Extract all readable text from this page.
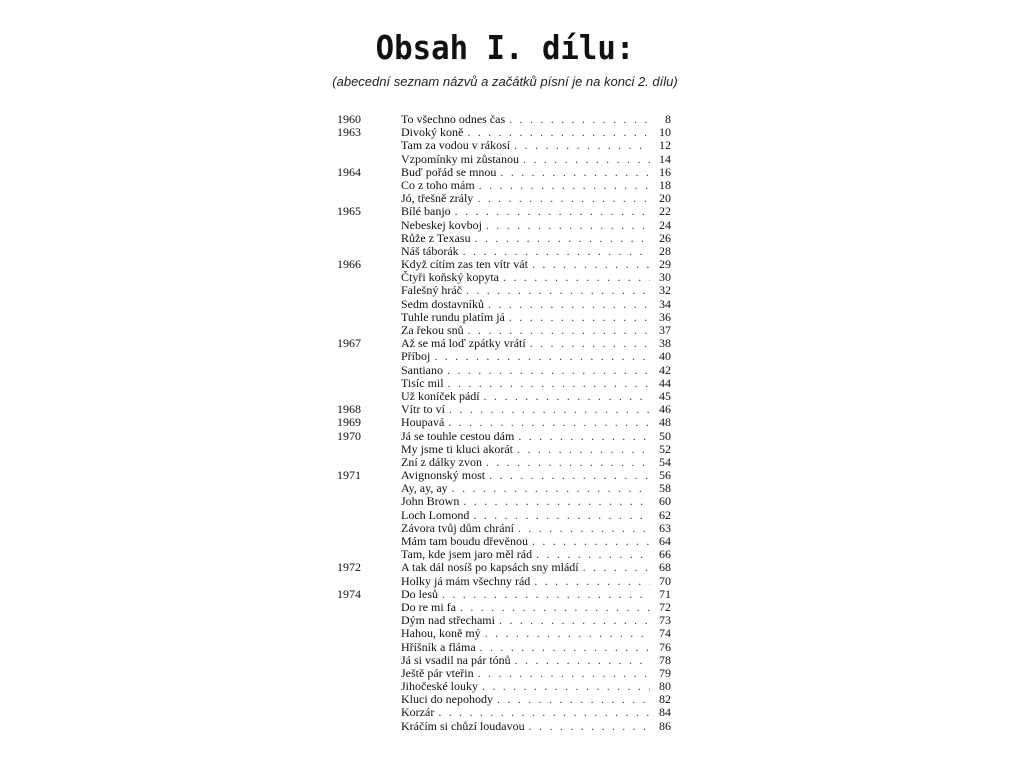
Obsah I. dílu:
(abecední seznam názvů a začátků písní je na konci 2. dílu)
1960	To všechno odnes čas . . .	8
1963	Divoký koně . . .	10
Tam za vodou v rákosí . . .	12
Vzpomínky mi zůstanou . . .	14
1964	Buď pořád se mnou . . .	16
Co z toho mám . . .	18
Jó, třešně zrály . . .	20
1965	Bílé banjo . . .	22
Nebeskej kovboj . . .	24
Růže z Texasu . . .	26
Náš táborák . . .	28
1966	Když cítím zas ten vítr vát . . .	29
Čtyři koňský kopyta . . .	30
Falešný hráč . . .	32
Sedm dostavníků . . .	34
Tuhle rundu platím já . . .	36
Za řekou snů . . .	37
1967	Až se má loď zpátky vrátí . . .	38
Příboj . . .	40
Santiano . . .	42
Tisíc mil . . .	44
Už koníček pádí . . .	45
1968	Vítr to ví . . .	46
1969	Houpavá . . .	48
1970	Já se touhle cestou dám . . .	50
My jsme ti kluci akorát . . .	52
Zní z dálky zvon . . .	54
1971	Avignonský most . . .	56
Ay, ay, ay . . .	58
John Brown . . .	60
Loch Lomond . . .	62
Závora tvůj dům chrání . . .	63
Mám tam boudu dřevěnou . . .	64
Tam, kde jsem jaro měl rád . . .	66
1972	A tak dál nosíš po kapsách sny mládí . . .	68
Holky já mám všechny rád . . .	70
1974	Do lesů . . .	71
Do re mi fa . . .	72
Dým nad střechami . . .	73
Hahou, koně mý . . .	74
Hříšník a fláma . . .	76
Já si vsadil na pár tónů . . .	78
Ještě pár vteřin . . .	79
Jihočeské louky . . .	80
Kluci do nepohody . . .	82
Korzár . . .	84
Kráčím si chůzí loudavou . . .	86
